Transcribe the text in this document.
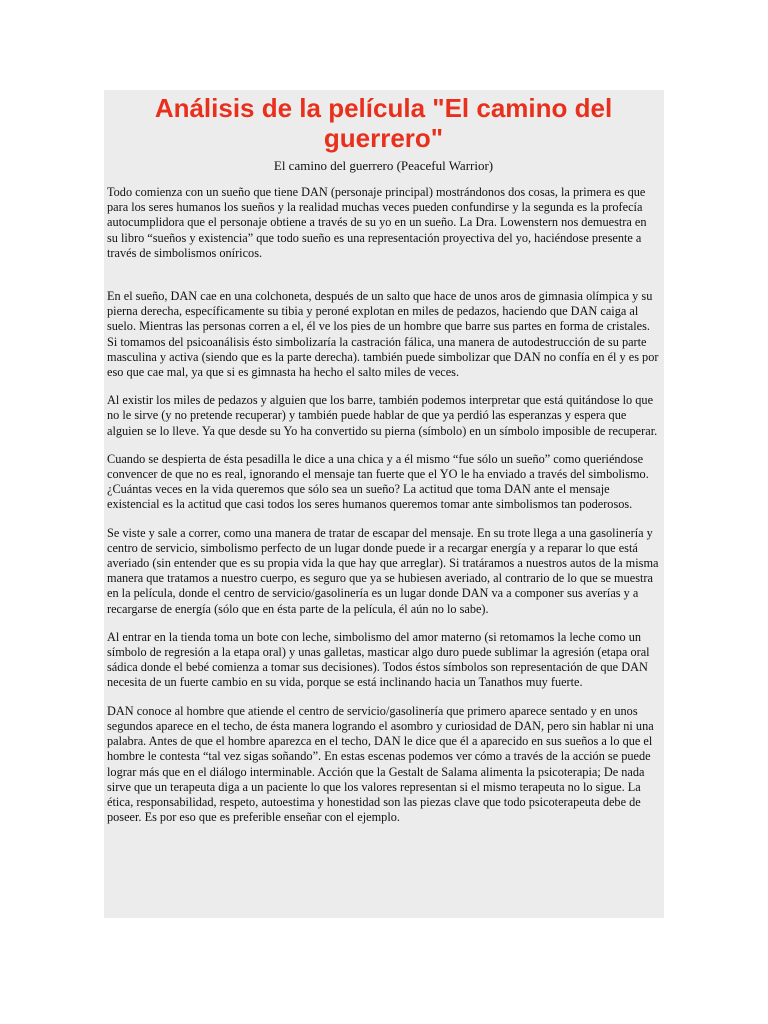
Análisis de la película "El camino del guerrero"
El camino del guerrero (Peaceful Warrior)

Todo comienza con un sueño que tiene DAN (personaje principal) mostrándonos dos cosas, la primera es que para los seres humanos los sueños y la realidad muchas veces pueden confundirse y la segunda es la profecía autocumplidora que el personaje obtiene a través de su yo en un sueño. La Dra. Lowenstern nos demuestra en su libro “sueños y existencia” que todo sueño es una representación proyectiva del yo, haciéndose presente a través de simbolismos oníricos.

En el sueño, DAN cae en una colchoneta, después de un salto que hace de unos aros de gimnasia olímpica y su pierna derecha, específicamente su tibia y peroné explotan en miles de pedazos, haciendo que DAN caiga al suelo. Mientras las personas corren a el, él ve los pies de un hombre que barre sus partes en forma de cristales. Si tomamos del psicoanálisis ésto simbolizaría la castración fálica, una manera de autodestrucción de su parte masculina y activa (siendo que es la parte derecha). también puede simbolizar que DAN no confía en él y es por eso que cae mal, ya que si es gimnasta ha hecho el salto miles de veces.

Al existir los miles de pedazos y alguien que los barre, también podemos interpretar que está quitándose lo que no le sirve (y no pretende recuperar) y también puede hablar de que ya perdió las esperanzas y espera que alguien se lo lleve. Ya que desde su Yo ha convertido su pierna (símbolo) en un símbolo imposible de recuperar.

Cuando se despierta de ésta pesadilla le dice a una chica y a él mismo “fue sólo un sueño” como queriéndose convencer de que no es real, ignorando el mensaje tan fuerte que el YO le ha enviado a través del simbolismo. ¿Cuántas veces en la vida queremos que sólo sea un sueño? La actitud que toma DAN ante el mensaje existencial es la actitud que casi todos los seres humanos queremos tomar ante simbolismos tan poderosos.

Se viste y sale a correr, como una manera de tratar de escapar del mensaje. En su trote llega a una gasolinería y centro de servicio, simbolismo perfecto de un lugar donde puede ir a recargar energía y a reparar lo que está averiado (sin entender que es su propia vida la que hay que arreglar). Si tratáramos a nuestros autos de la misma manera que tratamos a nuestro cuerpo, es seguro que ya se hubiesen averiado, al contrario de lo que se muestra en la película, donde el centro de servicio/gasolinería es un lugar donde DAN va a componer sus averías y a recargarse de energía (sólo que en ésta parte de la película, él aún no lo sabe).

Al entrar en la tienda toma un bote con leche, simbolismo del amor materno (si retomamos la leche como un símbolo de regresión a la etapa oral) y unas galletas, masticar algo duro puede sublimar la agresión (etapa oral sádica donde el bebé comienza a tomar sus decisiones). Todos éstos símbolos son representación de que DAN necesita de un fuerte cambio en su vida, porque se está inclinando hacia un Tanathos muy fuerte.

DAN conoce al hombre que atiende el centro de servicio/gasolinería que primero aparece sentado y en unos segundos aparece en el techo, de ésta manera logrando el asombro y curiosidad de DAN, pero sin hablar ni una palabra. Antes de que el hombre aparezca en el techo, DAN le dice que él a aparecido en sus sueños a lo que el hombre le contesta “tal vez sigas soñando”. En estas escenas podemos ver cómo a través de la acción se puede lograr más que en el diálogo interminable. Acción que la Gestalt de Salama alimenta la psicoterapia; De nada sirve que un terapeuta diga a un paciente lo que los valores representan si el mismo terapeuta no lo sigue. La ética, responsabilidad, respeto, autoestima y honestidad son las piezas clave que todo psicoterapeuta debe de poseer. Es por eso que es preferible enseñar con el ejemplo.
